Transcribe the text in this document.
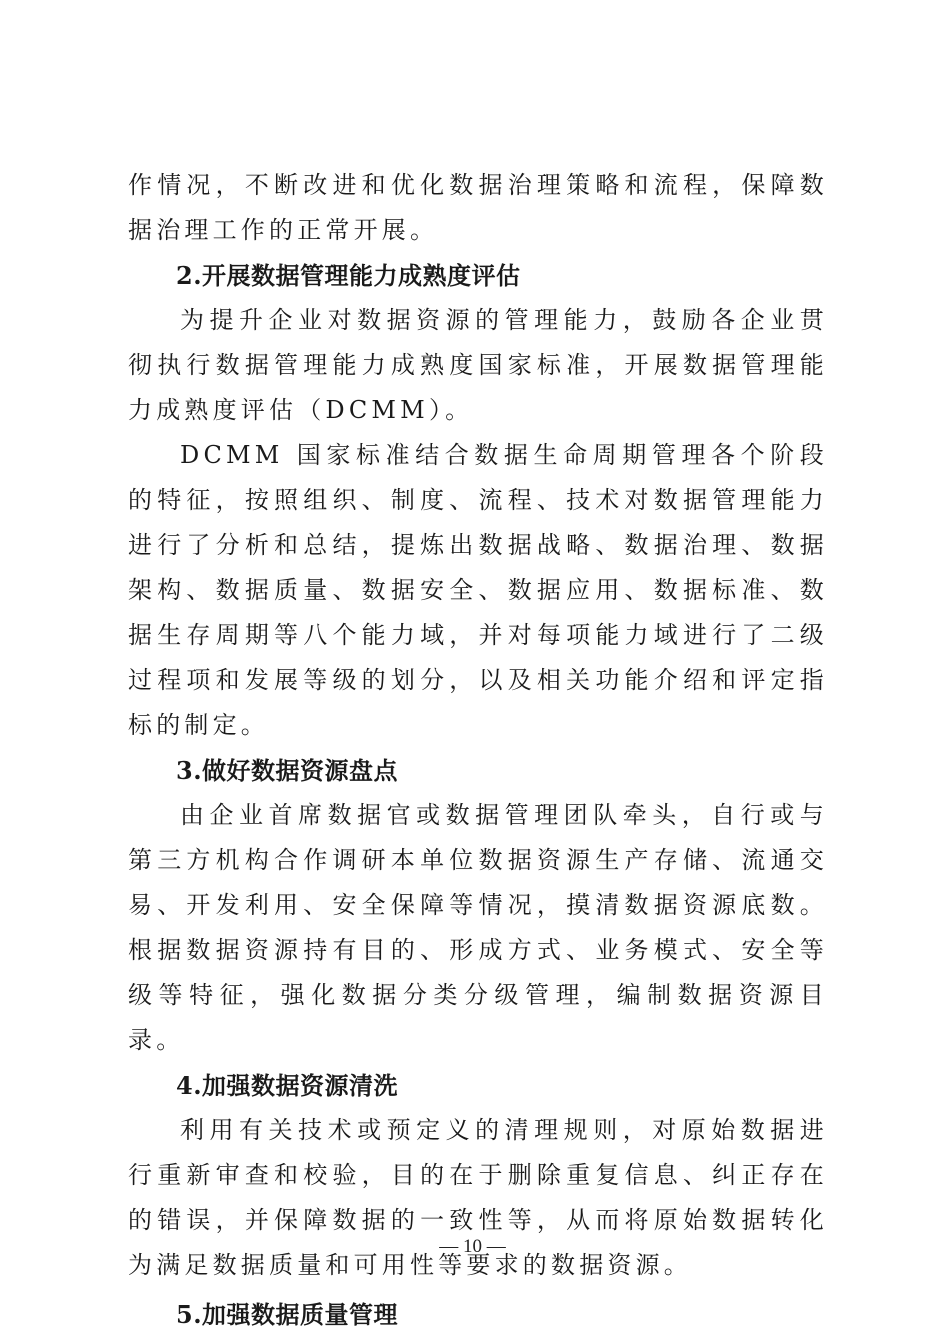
作情况，不断改进和优化数据治理策略和流程，保障数据治理工作的正常开展。

2.开展数据管理能力成熟度评估

为提升企业对数据资源的管理能力，鼓励各企业贯彻执行数据管理能力成熟度国家标准，开展数据管理能力成熟度评估（DCMM）。

DCMM 国家标准结合数据生命周期管理各个阶段的特征，按照组织、制度、流程、技术对数据管理能力进行了分析和总结，提炼出数据战略、数据治理、数据架构、数据质量、数据安全、数据应用、数据标准、数据生存周期等八个能力域，并对每项能力域进行了二级过程项和发展等级的划分，以及相关功能介绍和评定指标的制定。

3.做好数据资源盘点

由企业首席数据官或数据管理团队牵头，自行或与第三方机构合作调研本单位数据资源生产存储、流通交易、开发利用、安全保障等情况，摸清数据资源底数。根据数据资源持有目的、形成方式、业务模式、安全等级等特征，强化数据分类分级管理，编制数据资源目录。

4.加强数据资源清洗

利用有关技术或预定义的清理规则，对原始数据进行重新审查和校验，目的在于删除重复信息、纠正存在的错误，并保障数据的一致性等，从而将原始数据转化为满足数据质量和可用性等要求的数据资源。

5.加强数据质量管理

— 10 —
